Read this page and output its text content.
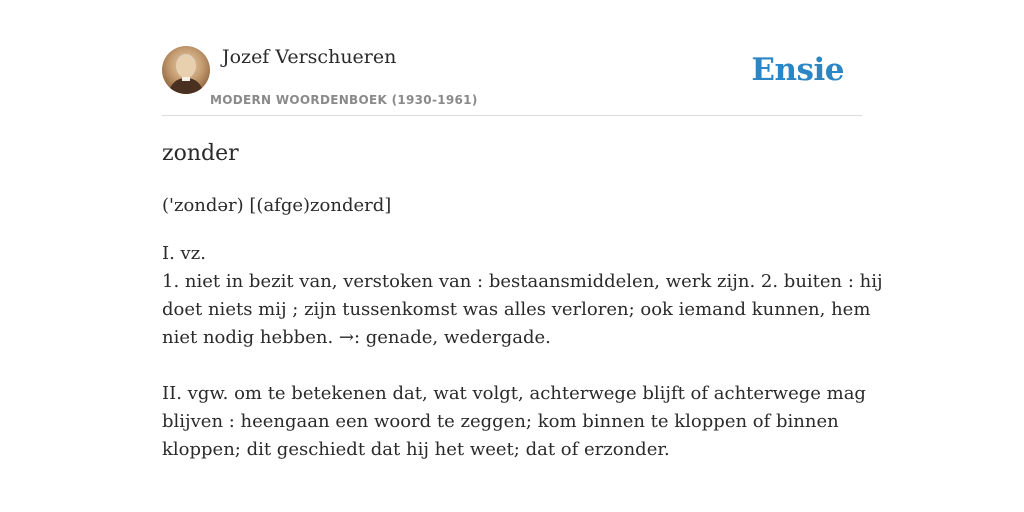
Jozef Verschueren
MODERN WOORDENBOEK (1930-1961)
Ensie
zonder
('zondər) [(afge)zonderd]

I. vz.

1. niet in bezit van, verstoken van : bestaansmiddelen, werk zijn. 2. buiten : hij

doet niets mij ; zijn tussenkomst was alles verloren; ook iemand kunnen, hem

niet nodig hebben. →: genade, wedergade.

II. vgw. om te betekenen dat, wat volgt, achterwege blijft of achterwege mag

blijven : heengaan een woord te zeggen; kom binnen te kloppen of binnen

kloppen; dit geschiedt dat hij het weet; dat of erzonder.
